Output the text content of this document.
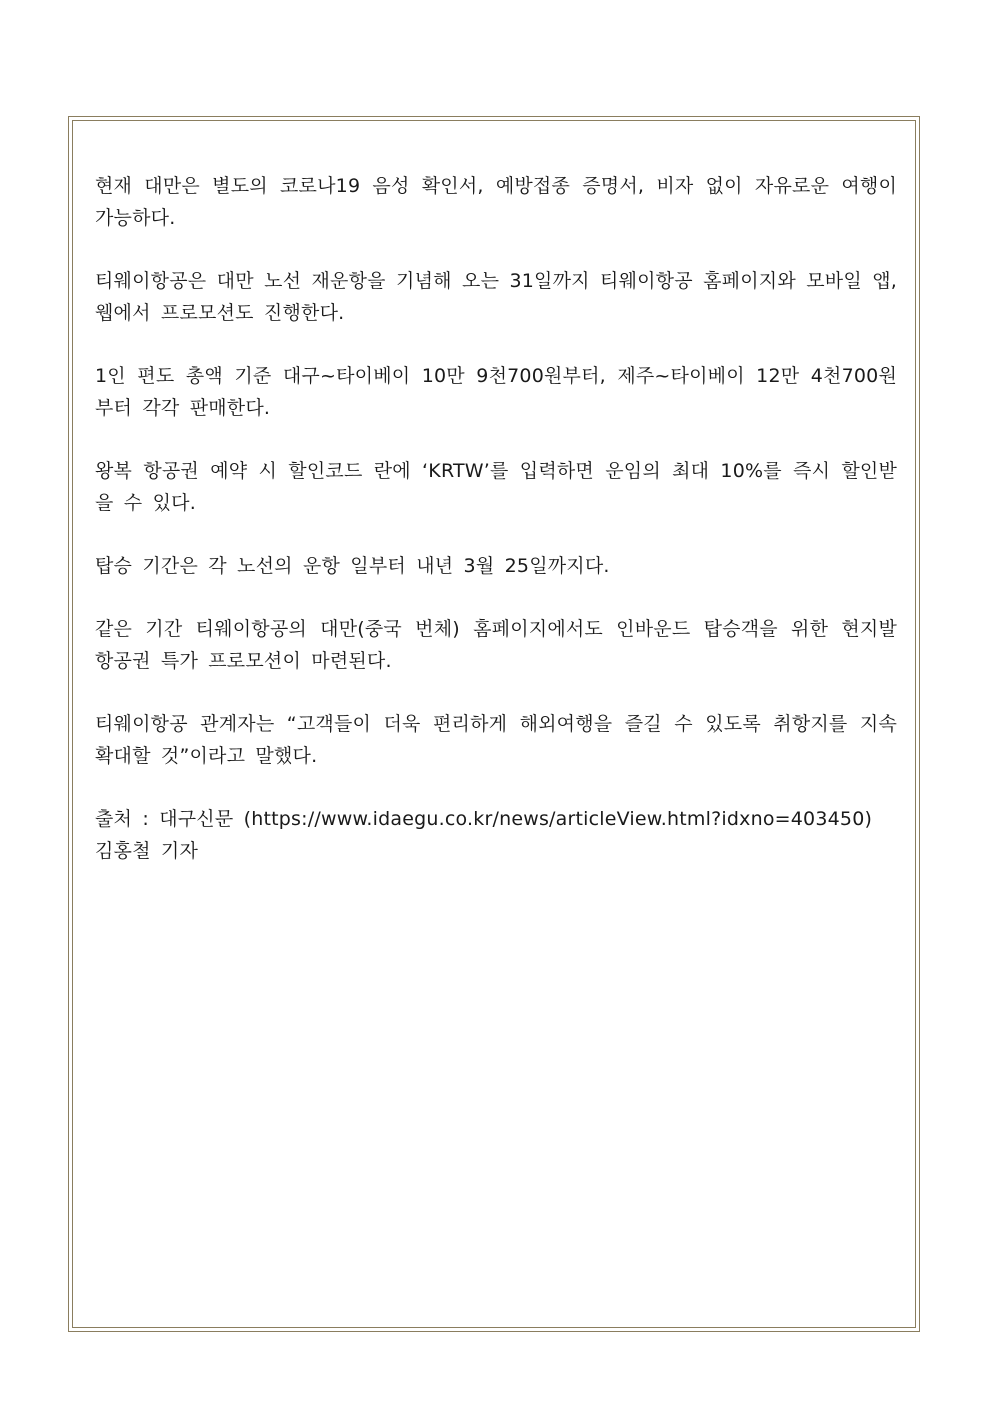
현재 대만은 별도의 코로나19 음성 확인서, 예방접종 증명서, 비자 없이 자유로운 여행이 가능하다.

티웨이항공은 대만 노선 재운항을 기념해 오는 31일까지 티웨이항공 홈페이지와 모바일 앱, 웹에서 프로모션도 진행한다.

1인 편도 총액 기준 대구~타이베이 10만 9천700원부터, 제주~타이베이 12만 4천700원부터 각각 판매한다.

왕복 항공권 예약 시 할인코드 란에 ‘KRTW’를 입력하면 운임의 최대 10%를 즉시 할인받을 수 있다.

탑승 기간은 각 노선의 운항 일부터 내년 3월 25일까지다.

같은 기간 티웨이항공의 대만(중국 번체) 홈페이지에서도 인바운드 탑승객을 위한 현지발 항공권 특가 프로모션이 마련된다.

티웨이항공 관계자는 “고객들이 더욱 편리하게 해외여행을 즐길 수 있도록 취항지를 지속 확대할 것”이라고 말했다.

출처 : 대구신문 (https://www.idaegu.co.kr/news/articleView.html?idxno=403450)
김홍철 기자
